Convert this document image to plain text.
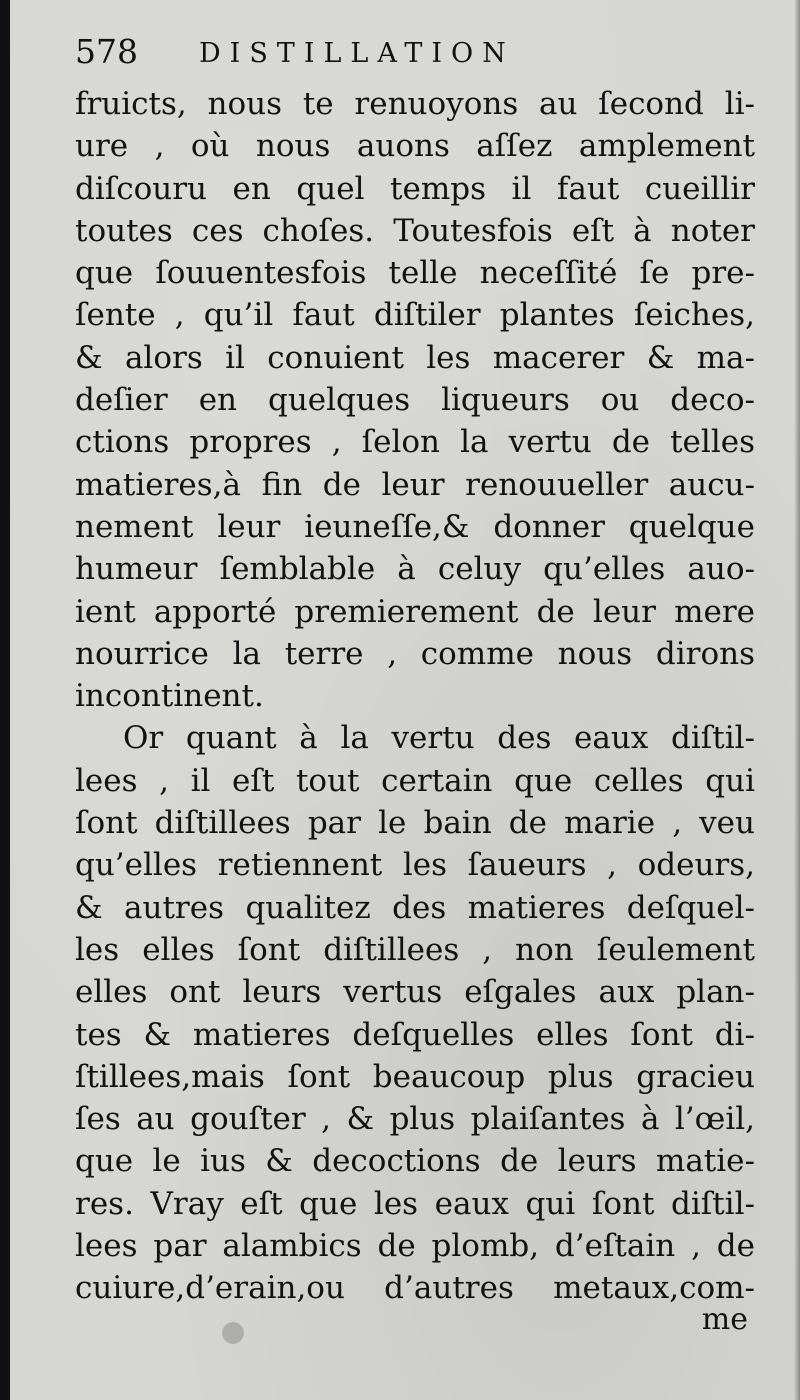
578 DISTILLATION
fruicts, nous te renuoyons au ſecond li-
ure , où nous auons aſſez amplement
diſcouru en quel temps il faut cueillir
toutes ces choſes. Toutesfois eſt à noter
que ſouuentesfois telle neceſſité ſe pre-
ſente , qu’il faut diſtiler plantes ſeiches,
& alors il conuient les macerer & ma-
deſier en quelques liqueurs ou deco-
ctions propres , ſelon la vertu de telles
matieres,à fin de leur renouueller aucu-
nement leur ieuneſſe,& donner quelque
humeur ſemblable à celuy qu’elles auo-
ient apporté premierement de leur mere
nourrice la terre , comme nous dirons
incontinent.
Or quant à la vertu des eaux diſtil-
lees , il eſt tout certain que celles qui
ſont diſtillees par le bain de marie , veu
qu’elles retiennent les ſaueurs , odeurs,
& autres qualitez des matieres deſquel-
les elles ſont diſtillees , non ſeulement
elles ont leurs vertus eſgales aux plan-
tes & matieres deſquelles elles ſont di-
ſtillees,mais ſont beaucoup plus gracieu
ſes au gouſter , & plus plaiſantes à l’œil,
que le ius & decoctions de leurs matie-
res. Vray eſt que les eaux qui ſont diſtil-
lees par alambics de plomb, d’eſtain , de
cuiure,d’erain,ou d’autres metaux,com-
me
